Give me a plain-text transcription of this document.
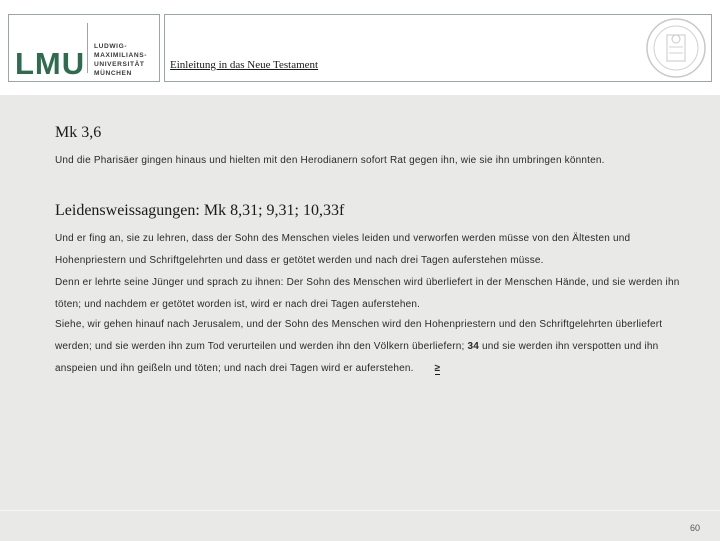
LMU LUDWIG-
MAXIMILIANS-
UNIVERSITÄT
MÜNCHEN
Einleitung in das Neue Testament
Mk 3,6
Und die Pharisäer gingen hinaus und hielten mit den Herodianern sofort Rat gegen ihn, wie sie ihn umbringen könnten.
Leidensweissagungen: Mk 8,31; 9,31; 10,33f
Und er fing an, sie zu lehren, dass der Sohn des Menschen vieles leiden und verworfen werden müsse von den Ältesten und Hohenpriestern und Schriftgelehrten und dass er getötet werden und nach drei Tagen auferstehen müsse.
Denn er lehrte seine Jünger und sprach zu ihnen: Der Sohn des Menschen wird überliefert in der Menschen Hände, und sie werden ihn töten; und nachdem er getötet worden ist, wird er nach drei Tagen auferstehen.
Siehe, wir gehen hinauf nach Jerusalem, und der Sohn des Menschen wird den Hohenpriestern und den Schriftgelehrten überliefert werden; und sie werden ihn zum Tod verurteilen und werden ihn den Völkern überliefern; 34 und sie werden ihn verspotten und ihn anspeien und ihn geißeln und töten; und nach drei Tagen wird er auferstehen. ≥
60
